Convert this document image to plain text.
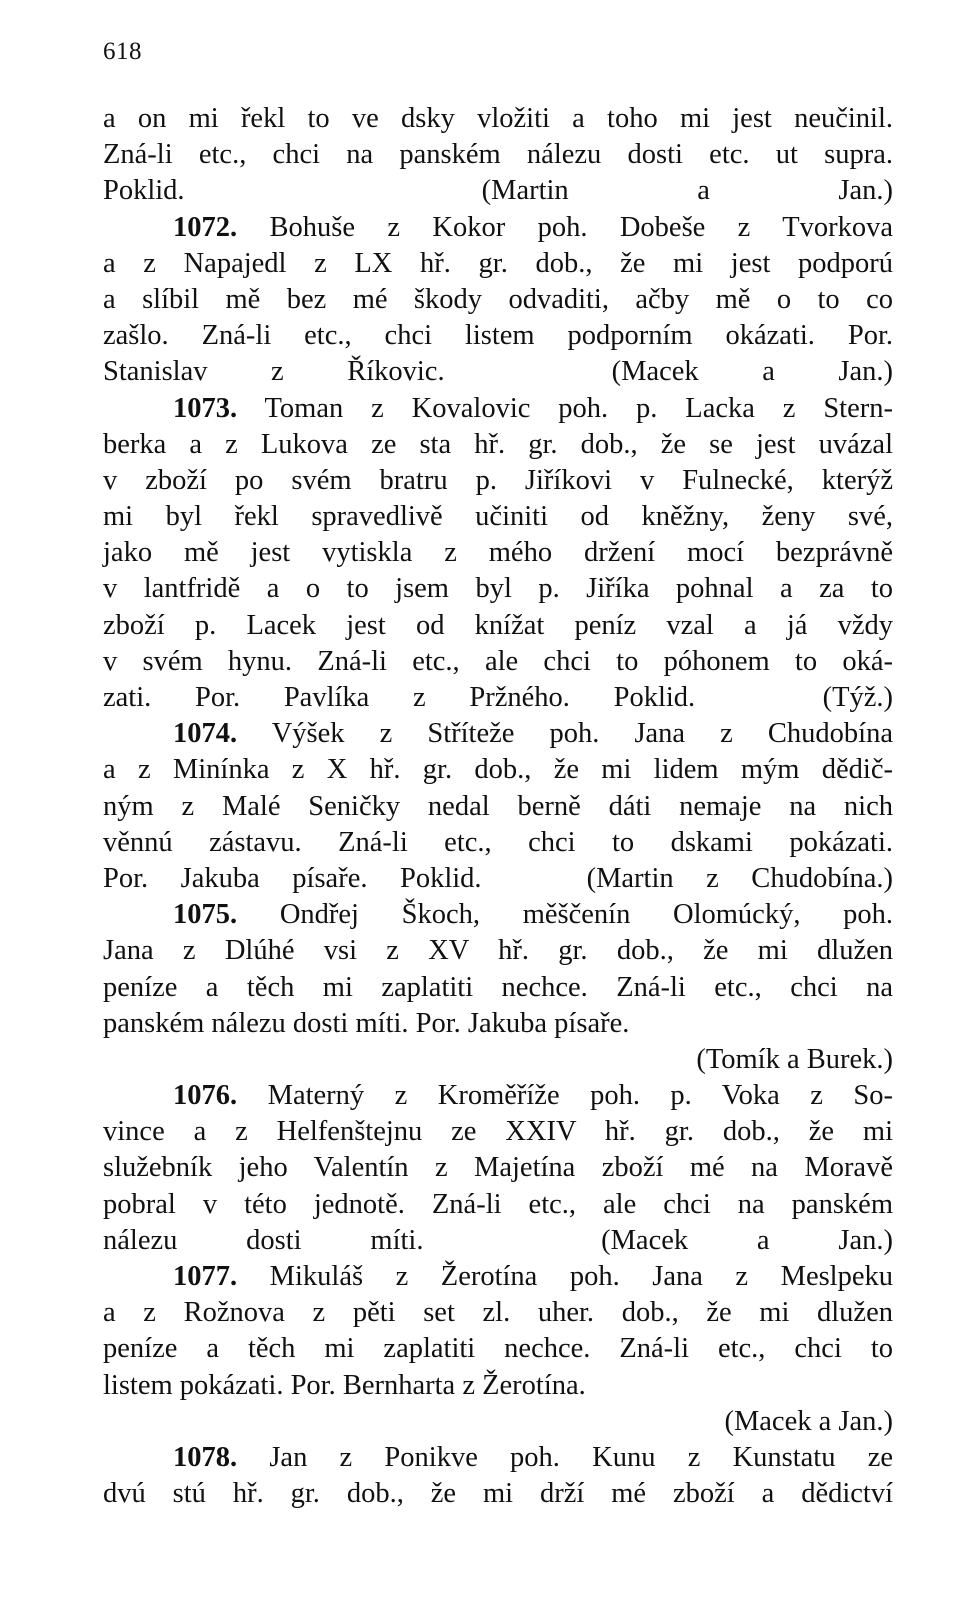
618
a on mi řekl to ve dsky vložiti a toho mi jest neučinil.
Zná-li etc., chci na panském nálezu dosti etc. ut supra.
Poklid.	(Martin a Jan.)
1072. Bohuše z Kokor poh. Dobeše z Tvorkova
a z Napajedl z LX hř. gr. dob., že mi jest podporú
a slíbil mě bez mé škody odvaditi, ačby mě o to co
zašlo. Zná-li etc., chci listem podporním okázati. Por.
Stanislav z Říkovic.	(Macek a Jan.)
1073. Toman z Kovalovic poh. p. Lacka z Stern-
berka a z Lukova ze sta hř. gr. dob., že se jest uvázal
v zboží po svém bratru p. Jiříkovi v Fulnecké, kterýž
mi byl řekl spravedlivě učiniti od kněžny, ženy své,
jako mě jest vytiskla z mého držení mocí bezprávně
v lantfridě a o to jsem byl p. Jiříka pohnal a za to
zboží p. Lacek jest od knížat peníz vzal a já vždy
v svém hynu. Zná-li etc., ale chci to póhonem to oká-
zati. Por. Pavlíka z Pržného. Poklid.	(Týž.)
1074. Výšek z Střítеže poh. Jana z Chudobína
a z Minínka z X hř. gr. dob., že mi lidem mým dědič-
ným z Malé Seničky nedal berně dáti nemaje na nich
věnnú zástavu. Zná-li etc., chci to dskami pokázati.
Por. Jakuba písaře. Poklid.	(Martin z Chudobína.)
1075. Ondřej Škoch, měščenín Olomúcký, poh.
Jana z Dlúhé vsi z XV hř. gr. dob., že mi dlužen
peníze a těch mi zaplatiti nechce. Zná-li etc., chci na
panském nálezu dosti míti. Por. Jakuba písaře.
(Tomík a Burek.)
1076. Materný z Kroměříže poh. p. Voka z So-
vince a z Helfenštejnu ze XXIV hř. gr. dob., že mi
služebník jeho Valentín z Majetína zboží mé na Moravě
pobral v této jednotě. Zná-li etc., ale chci na panském
nálezu dosti míti.	(Macek a Jan.)
1077. Mikuláš z Žerotína poh. Jana z Meslpeku
a z Rožnova z pěti set zl. uher. dob., že mi dlužen
peníze a těch mi zaplatiti nechce. Zná-li etc., chci to
listem pokázati. Por. Bernharta z Žerotína.
(Macek a Jan.)
1078. Jan z Ponikve poh. Kunu z Kunstatu ze
dvú stú hř. gr. dob., že mi drží mé zboží a dědictví
